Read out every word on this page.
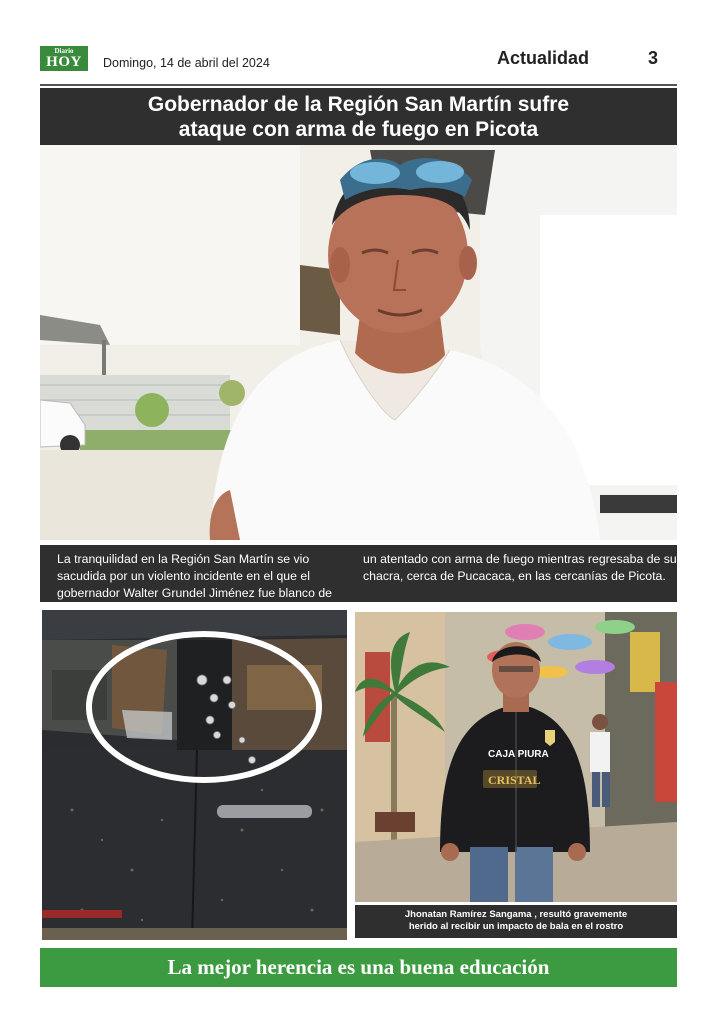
Diario
HOY	Domingo, 14 de abril del 2024	Actualidad	3
Gobernador de la Región San Martín sufre
ataque con arma de fuego en Picota
La tranquilidad en la Región San Martín se vio sacudida por un violento incidente en el que el gobernador Walter Grundel Jiménez fue blanco de
un atentado con arma de fuego mientras regresaba de su chacra, cerca de Pucacaca, en las cercanías de Picota.
CAJA PIURA
CRISTAL
Jhonatan Ramírez Sangama , resultó gravemente
herido al recibir un impacto de bala en el rostro
La mejor herencia es una buena educación
